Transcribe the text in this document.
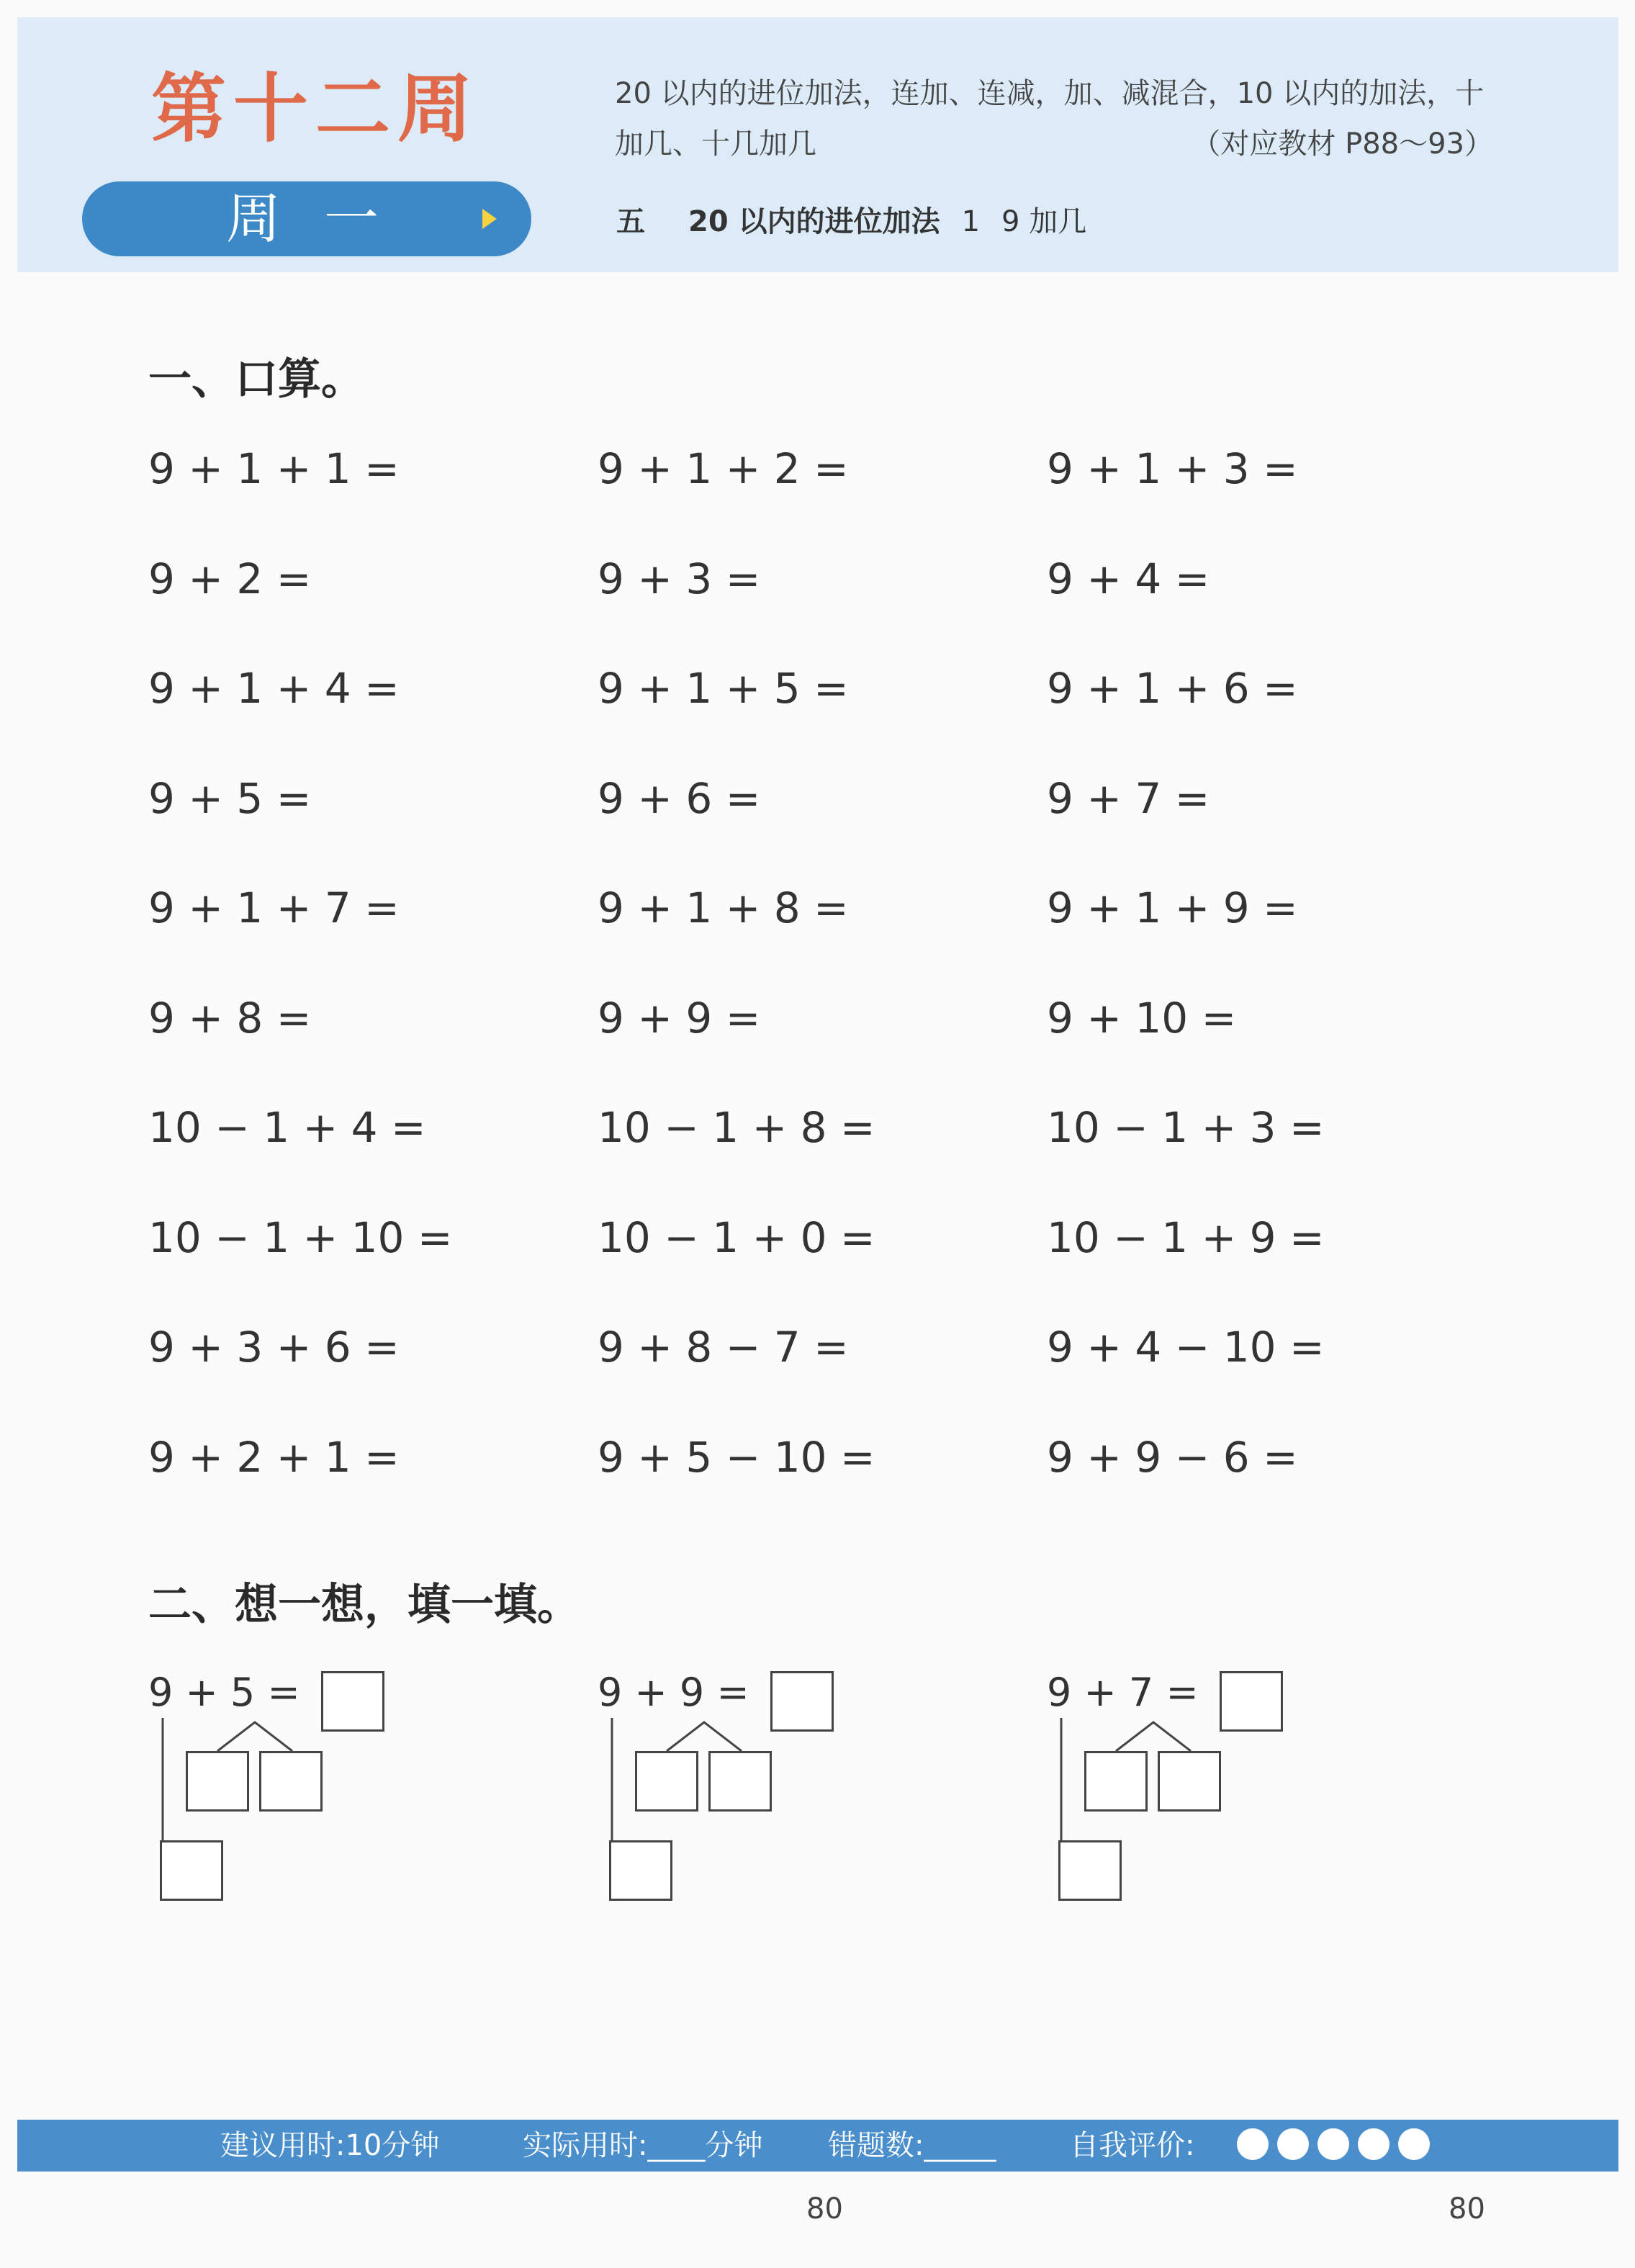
第十二周
周一
20 以内的进位加法，连加、连减，加、减混合，10 以内的加法，十
加几、十几加几	（对应教材 P88～93）
五 20 以内的进位加法 1 9 加几
一、口算。
9 + 1 + 1 =	9 + 1 + 2 =	9 + 1 + 3 =
9 + 2 =	9 + 3 =	9 + 4 =
9 + 1 + 4 =	9 + 1 + 5 =	9 + 1 + 6 =
9 + 5 =	9 + 6 =	9 + 7 =
9 + 1 + 7 =	9 + 1 + 8 =	9 + 1 + 9 =
9 + 8 =	9 + 9 =	9 + 10 =
10 − 1 + 4 =	10 − 1 + 8 =	10 − 1 + 3 =
10 − 1 + 10 =	10 − 1 + 0 =	10 − 1 + 9 =
9 + 3 + 6 =	9 + 8 − 7 =	9 + 4 − 10 =
9 + 2 + 1 =	9 + 5 − 10 =	9 + 9 − 6 =
二、想一想，填一填。
9 + 5 =	9 + 9 =	9 + 7 =
建议用时:10分钟	实际用时:____分钟 错题数:_____	自我评价:
80	80
